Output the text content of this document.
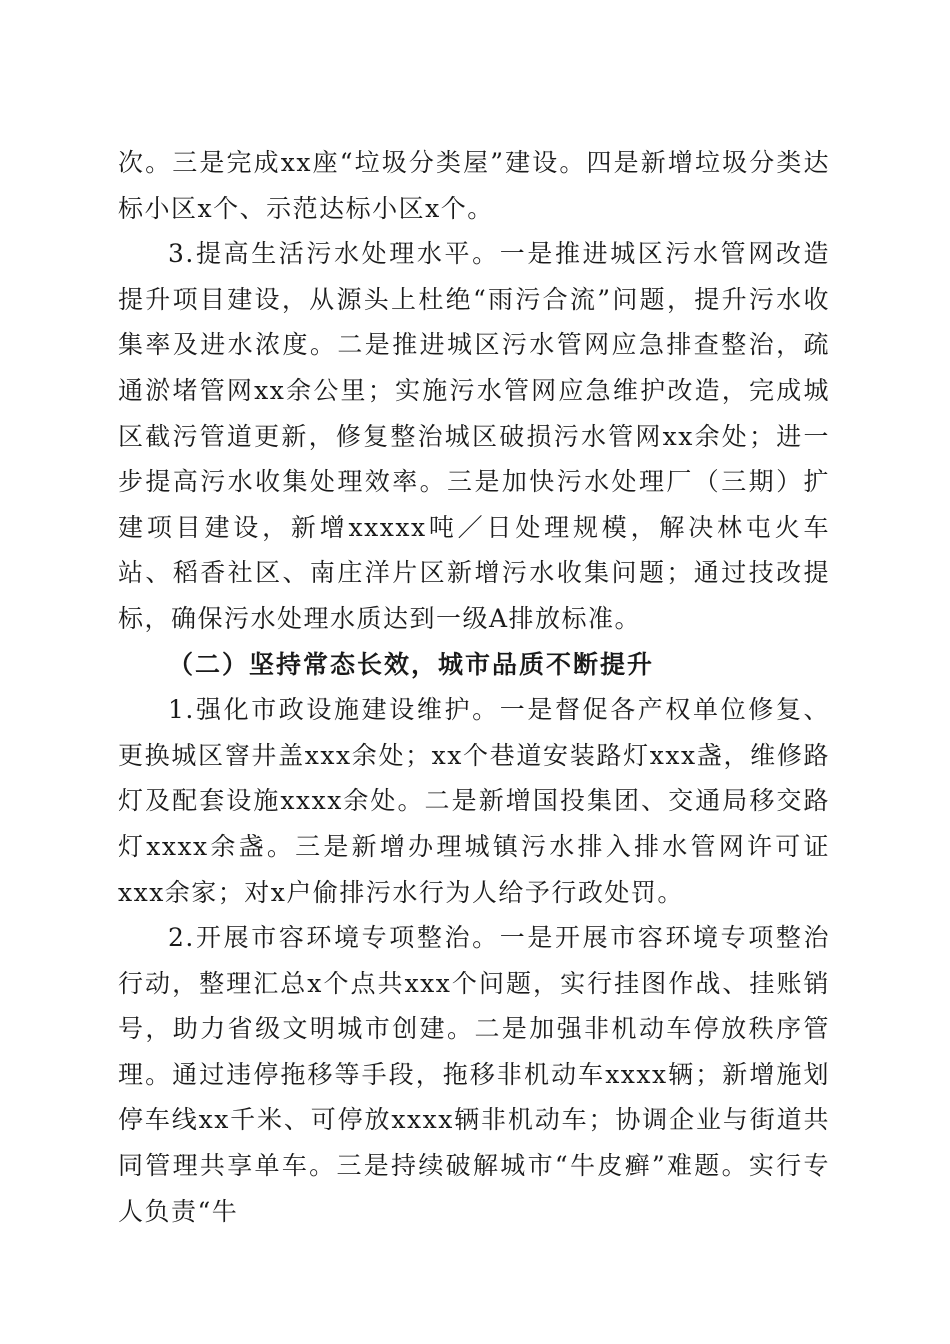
次。三是完成xx座“垃圾分类屋”建设。四是新增垃圾分类达标小区x个、示范达标小区x个。

3.提高生活污水处理水平。一是推进城区污水管网改造提升项目建设，从源头上杜绝“雨污合流”问题，提升污水收集率及进水浓度。二是推进城区污水管网应急排查整治，疏通淤堵管网xx余公里；实施污水管网应急维护改造，完成城区截污管道更新，修复整治城区破损污水管网xx余处；进一步提高污水收集处理效率。三是加快污水处理厂（三期）扩建项目建设，新增xxxxx吨／日处理规模，解决林屯火车站、稻香社区、南庄洋片区新增污水收集问题；通过技改提标，确保污水处理水质达到一级A排放标准。

（二）坚持常态长效，城市品质不断提升

1.强化市政设施建设维护。一是督促各产权单位修复、更换城区窨井盖xxx余处；xx个巷道安装路灯xxx盏，维修路灯及配套设施xxxx余处。二是新增国投集团、交通局移交路灯xxxx余盏。三是新增办理城镇污水排入排水管网许可证xxx余家；对x户偷排污水行为人给予行政处罚。

2.开展市容环境专项整治。一是开展市容环境专项整治行动，整理汇总x个点共xxx个问题，实行挂图作战、挂账销号，助力省级文明城市创建。二是加强非机动车停放秩序管理。通过违停拖移等手段，拖移非机动车xxxx辆；新增施划停车线xx千米、可停放xxxx辆非机动车；协调企业与街道共同管理共享单车。三是持续破解城市“牛皮癣”难题。实行专人负责“牛
